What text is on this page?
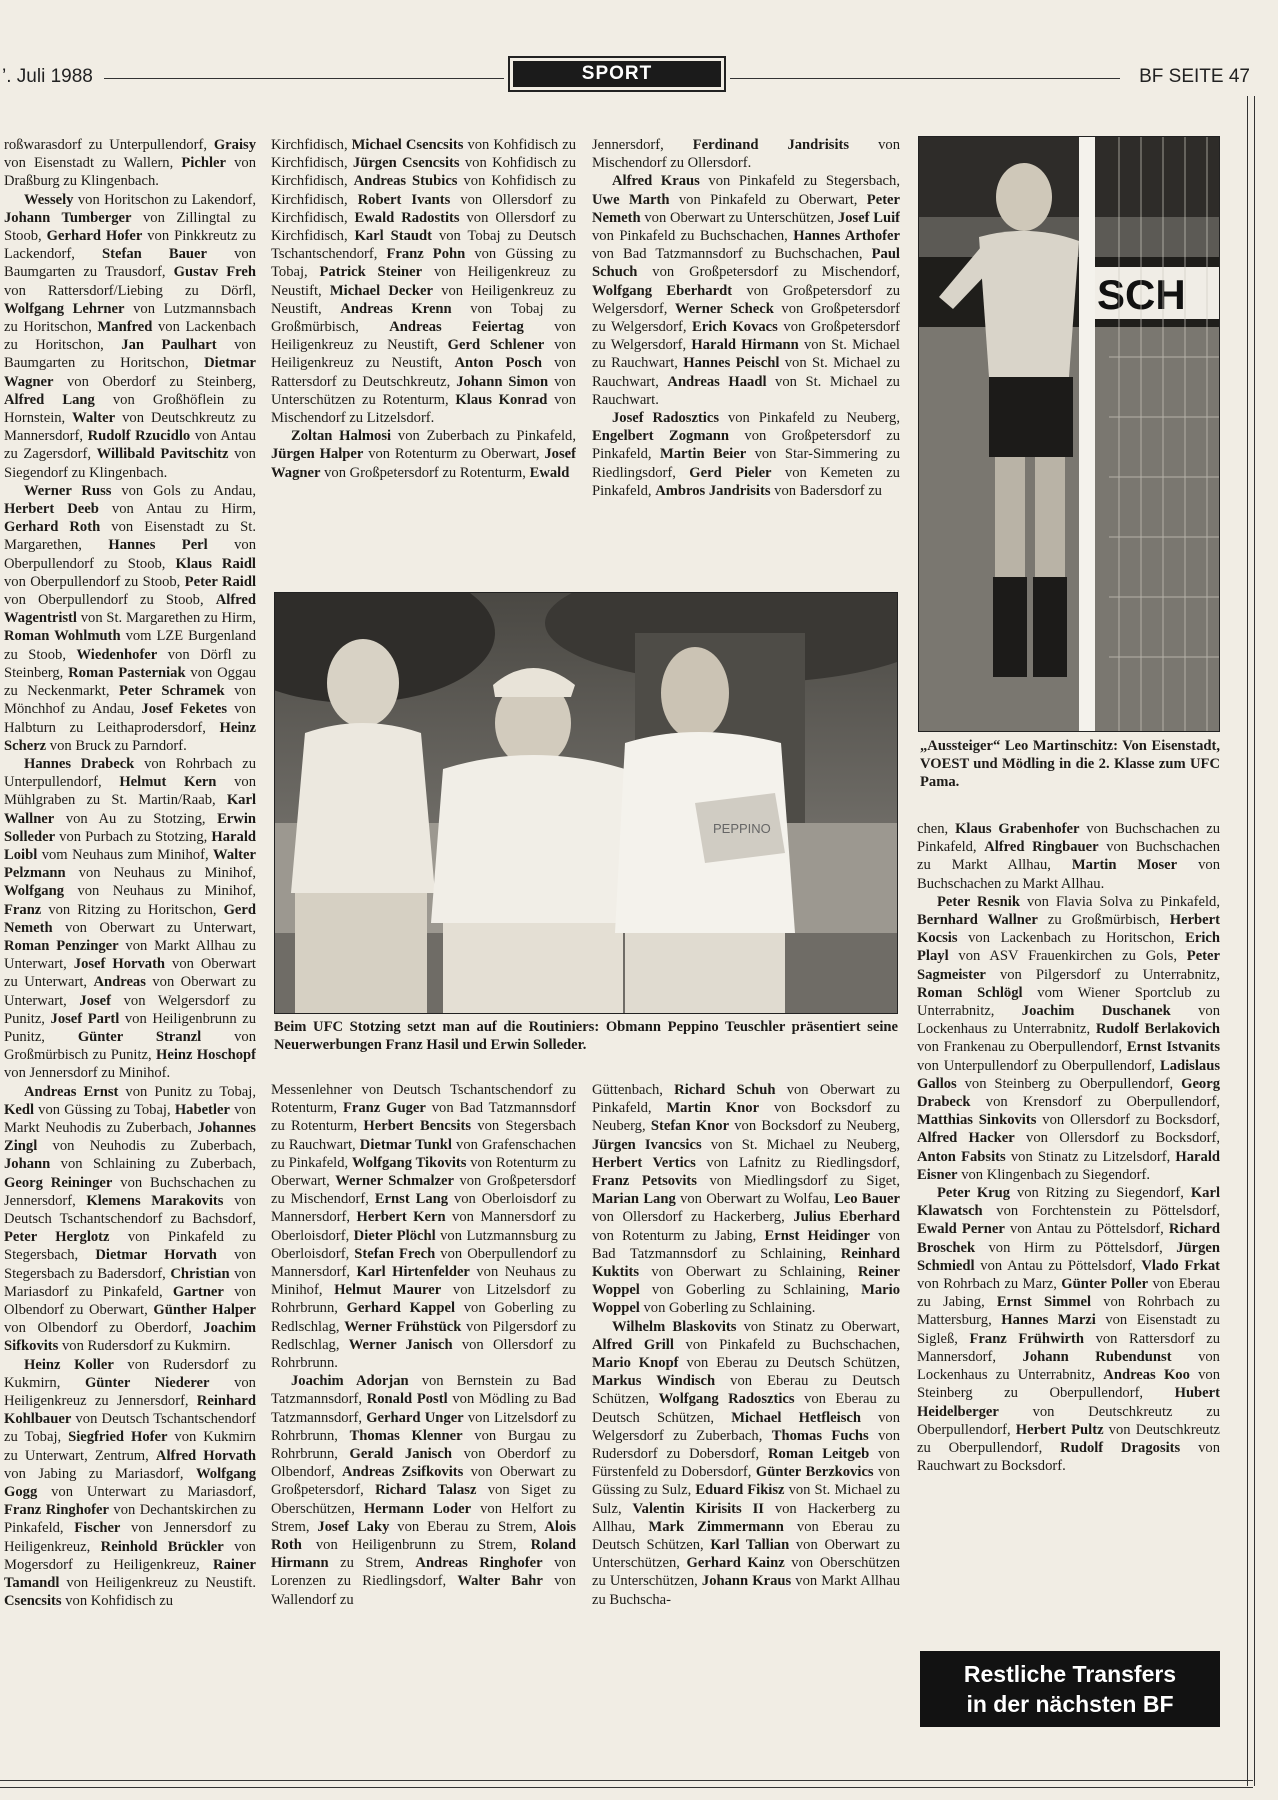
’. Juli 1988	SPORT	BF SEITE 47

roßwarasdorf zu Unterpullendorf, Graisy von Eisenstadt zu Wallern, Pichler von Draßburg zu Klingenbach.

Wessely von Horitschon zu Lakendorf, Johann Tumberger von Zillingtal zu Stoob, Gerhard Hofer von Pinkkreutz zu Lackendorf, Stefan Bauer von Baumgarten zu Trausdorf, Gustav Freh von Rattersdorf/Liebing zu Dörfl, Wolfgang Lehrner von Lutzmannsbach zu Horitschon, Manfred von Lackenbach zu Horitschon, Jan Paulhart von Baumgarten zu Horitschon, Dietmar Wagner von Oberdorf zu Steinberg, Alfred Lang von Großhöflein zu Hornstein, Walter von Deutschkreutz zu Mannersdorf, Rudolf Rzucidlo von Antau zu Zagersdorf, Willibald Pavitschitz von Siegendorf zu Klingenbach.

Werner Russ von Gols zu Andau, Herbert Deeb von Antau zu Hirm, Gerhard Roth von Eisenstadt zu St. Margarethen, Hannes Perl von Oberpullendorf zu Stoob, Klaus Raidl von Oberpullendorf zu Stoob, Peter Raidl von Oberpullendorf zu Stoob, Alfred Wagentristl von St. Margarethen zu Hirm, Roman Wohlmuth vom LZE Burgenland zu Stoob, Wiedenhofer von Dörfl zu Steinberg, Roman Pasterniak von Oggau zu Neckenmarkt, Peter Schramek von Mönchhof zu Andau, Josef Feketes von Halbturn zu Leithaprodersdorf, Heinz Scherz von Bruck zu Parndorf.

Hannes Drabeck von Rohrbach zu Unterpullendorf, Helmut Kern von Mühlgraben zu St. Martin/Raab, Karl Wallner von Au zu Stotzing, Erwin Solleder von Purbach zu Stotzing, Harald Loibl vom Neuhaus zum Minihof, Walter Pelzmann von Neuhaus zu Minihof, Wolfgang von Neuhaus zu Minihof, Franz von Ritzing zu Horitschon, Gerd Nemeth von Oberwart zu Unterwart, Roman Penzinger von Markt Allhau zu Unterwart, Josef Horvath von Oberwart zu Unterwart, Andreas von Oberwart zu Unterwart, Josef von Welgersdorf zu Punitz, Josef Partl von Heiligenbrunn zu Punitz, Günter Stranzl von Großmürbisch zu Punitz, Heinz Hoschopf von Jennersdorf zu Minihof.

Andreas Ernst von Punitz zu Tobaj, Kedl von Güssing zu Tobaj, Habetler von Markt Neuhodis zu Zuberbach, Johannes Zingl von Neuhodis zu Zuberbach, Johann von Schlaining zu Zuberbach, Georg Reininger von Buchschachen zu Jennersdorf, Klemens Marakovits von Deutsch Tschantschendorf zu Bachsdorf, Peter Herglotz von Pinkafeld zu Stegersbach, Dietmar Horvath von Stegersbach zu Badersdorf, Christian von Mariasdorf zu Pinkafeld, Gartner von Olbendorf zu Oberwart, Günther Halper von Olbendorf zu Oberdorf, Joachim Sifkovits von Rudersdorf zu Kukmirn.

Heinz Koller von Rudersdorf zu Kukmirn, Günter Niederer von Heiligenkreuz zu Jennersdorf, Reinhard Kohlbauer von Deutsch Tschantschendorf zu Tobaj, Siegfried Hofer von Kukmirn zu Unterwart, Zentrum, Alfred Horvath von Jabing zu Mariasdorf, Wolfgang Gogg von Unterwart zu Mariasdorf, Franz Ringhofer von Dechantskirchen zu Pinkafeld, Fischer von Jennersdorf zu Heiligenkreuz, Reinhold Brückler von Mogersdorf zu Heiligenkreuz, Rainer Tamandl von Heiligenkreuz zu Neustift. Csencsits von Kohfidisch zu

Kirchfidisch, Michael Csencsits von Kohfidisch zu Kirchfidisch, Jürgen Csencsits von Kohfidisch zu Kirchfidisch, Andreas Stubics von Kohfidisch zu Kirchfidisch, Robert Ivants von Ollersdorf zu Kirchfidisch, Ewald Radostits von Ollersdorf zu Kirchfidisch, Karl Staudt von Tobaj zu Deutsch Tschantschendorf, Franz Pohn von Güssing zu Tobaj, Patrick Steiner von Heiligenkreuz zu Neustift, Michael Decker von Heiligenkreuz zu Neustift, Andreas Krenn von Tobaj zu Großmürbisch, Andreas Feiertag von Heiligenkreuz zu Neustift, Gerd Schlener von Heiligenkreuz zu Neustift, Anton Posch von Rattersdorf zu Deutschkreutz, Johann Simon von Unterschützen zu Rotenturm, Klaus Konrad von Mischendorf zu Litzelsdorf.

Zoltan Halmosi von Zuberbach zu Pinkafeld, Jürgen Halper von Rotenturm zu Oberwart, Josef Wagner von Großpetersdorf zu Rotenturm, Ewald

Jennersdorf, Ferdinand Jandrisits von Mischendorf zu Ollersdorf.

Alfred Kraus von Pinkafeld zu Stegersbach, Uwe Marth von Pinkafeld zu Oberwart, Peter Nemeth von Oberwart zu Unterschützen, Josef Luif von Pinkafeld zu Buchschachen, Hannes Arthofer von Bad Tatzmannsdorf zu Buchschachen, Paul Schuch von Großpetersdorf zu Mischendorf, Wolfgang Eberhardt von Großpetersdorf zu Welgersdorf, Werner Scheck von Großpetersdorf zu Welgersdorf, Erich Kovacs von Großpetersdorf zu Welgersdorf, Harald Hirmann von St. Michael zu Rauchwart, Hannes Peischl von St. Michael zu Rauchwart, Andreas Haadl von St. Michael zu Rauchwart.

Josef Radosztics von Pinkafeld zu Neuberg, Engelbert Zogmann von Großpetersdorf zu Pinkafeld, Martin Beier von Star-Simmering zu Riedlingsdorf, Gerd Pieler von Kemeten zu Pinkafeld, Ambros Jandrisits von Badersdorf zu

PEPPINO
Beim UFC Stotzing setzt man auf die Routiniers: Obmann Peppino Teuschler präsentiert seine Neuerwerbungen Franz Hasil und Erwin Solleder.
SCH
„Aussteiger“ Leo Martinschitz: Von Eisenstadt, VOEST und Mödling in die 2. Klasse zum UFC Pama.

Messenlehner von Deutsch Tschantschendorf zu Rotenturm, Franz Guger von Bad Tatzmannsdorf zu Rotenturm, Herbert Bencsits von Stegersbach zu Rauchwart, Dietmar Tunkl von Grafenschachen zu Pinkafeld, Wolfgang Tikovits von Rotenturm zu Oberwart, Werner Schmalzer von Großpetersdorf zu Mischendorf, Ernst Lang von Oberloisdorf zu Mannersdorf, Herbert Kern von Mannersdorf zu Oberloisdorf, Dieter Plöchl von Lutzmannsburg zu Oberloisdorf, Stefan Frech von Oberpullendorf zu Mannersdorf, Karl Hirtenfelder von Neuhaus zu Minihof, Helmut Maurer von Litzelsdorf zu Rohrbrunn, Gerhard Kappel von Goberling zu Redlschlag, Werner Frühstück von Pilgersdorf zu Redlschlag, Werner Janisch von Ollersdorf zu Rohrbrunn.

Joachim Adorjan von Bernstein zu Bad Tatzmannsdorf, Ronald Postl von Mödling zu Bad Tatzmannsdorf, Gerhard Unger von Litzelsdorf zu Rohrbrunn, Thomas Klenner von Burgau zu Rohrbrunn, Gerald Janisch von Oberdorf zu Olbendorf, Andreas Zsifkovits von Oberwart zu Großpetersdorf, Richard Talasz von Siget zu Oberschützen, Hermann Loder von Helfort zu Strem, Josef Laky von Eberau zu Strem, Alois Roth von Heiligenbrunn zu Strem, Roland Hirmann zu Strem, Andreas Ringhofer von Lorenzen zu Riedlingsdorf, Walter Bahr von Wallendorf zu

Güttenbach, Richard Schuh von Oberwart zu Pinkafeld, Martin Knor von Bocksdorf zu Neuberg, Stefan Knor von Bocksdorf zu Neuberg, Jürgen Ivancsics von St. Michael zu Neuberg, Herbert Vertics von Lafnitz zu Riedlingsdorf, Franz Petsovits von Miedlingsdorf zu Siget, Marian Lang von Oberwart zu Wolfau, Leo Bauer von Ollersdorf zu Hackerberg, Julius Eberhard von Rotenturm zu Jabing, Ernst Heidinger von Bad Tatzmannsdorf zu Schlaining, Reinhard Kuktits von Oberwart zu Schlaining, Reiner Woppel von Goberling zu Schlaining, Mario Woppel von Goberling zu Schlaining.

Wilhelm Blaskovits von Stinatz zu Oberwart, Alfred Grill von Pinkafeld zu Buchschachen, Mario Knopf von Eberau zu Deutsch Schützen, Markus Windisch von Eberau zu Deutsch Schützen, Wolfgang Radosztics von Eberau zu Deutsch Schützen, Michael Hetfleisch von Welgersdorf zu Zuberbach, Thomas Fuchs von Rudersdorf zu Dobersdorf, Roman Leitgeb von Fürstenfeld zu Dobersdorf, Günter Berzkovics von Güssing zu Sulz, Eduard Fikisz von St. Michael zu Sulz, Valentin Kirisits II von Hackerberg zu Allhau, Mark Zimmermann von Eberau zu Deutsch Schützen, Karl Tallian von Oberwart zu Unterschützen, Gerhard Kainz von Oberschützen zu Unterschützen, Johann Kraus von Markt Allhau zu Buchscha-

chen, Klaus Grabenhofer von Buchschachen zu Pinkafeld, Alfred Ringbauer von Buchschachen zu Markt Allhau, Martin Moser von Buchschachen zu Markt Allhau.

Peter Resnik von Flavia Solva zu Pinkafeld, Bernhard Wallner zu Großmürbisch, Herbert Kocsis von Lackenbach zu Horitschon, Erich Playl von ASV Frauenkirchen zu Gols, Peter Sagmeister von Pilgersdorf zu Unterrabnitz, Roman Schlögl vom Wiener Sportclub zu Unterrabnitz, Joachim Duschanek von Lockenhaus zu Unterrabnitz, Rudolf Berlakovich von Frankenau zu Oberpullendorf, Ernst Istvanits von Unterpullendorf zu Oberpullendorf, Ladislaus Gallos von Steinberg zu Oberpullendorf, Georg Drabeck von Krensdorf zu Oberpullendorf, Matthias Sinkovits von Ollersdorf zu Bocksdorf, Alfred Hacker von Ollersdorf zu Bocksdorf, Anton Fabsits von Stinatz zu Litzelsdorf, Harald Eisner von Klingenbach zu Siegendorf.

Peter Krug von Ritzing zu Siegendorf, Karl Klawatsch von Forchtenstein zu Pöttelsdorf, Ewald Perner von Antau zu Pöttelsdorf, Richard Broschek von Hirm zu Pöttelsdorf, Jürgen Schmiedl von Antau zu Pöttelsdorf, Vlado Frkat von Rohrbach zu Marz, Günter Poller von Eberau zu Jabing, Ernst Simmel von Rohrbach zu Mattersburg, Hannes Marzi von Eisenstadt zu Sigleß, Franz Frühwirth von Rattersdorf zu Mannersdorf, Johann Rubendunst von Lockenhaus zu Unterrabnitz, Andreas Koo von Steinberg zu Oberpullendorf, Hubert Heidelberger von Deutschkreutz zu Oberpullendorf, Herbert Pultz von Deutschkreutz zu Oberpullendorf, Rudolf Dragosits von Rauchwart zu Bocksdorf.

Restliche Transfers
in der nächsten BF
